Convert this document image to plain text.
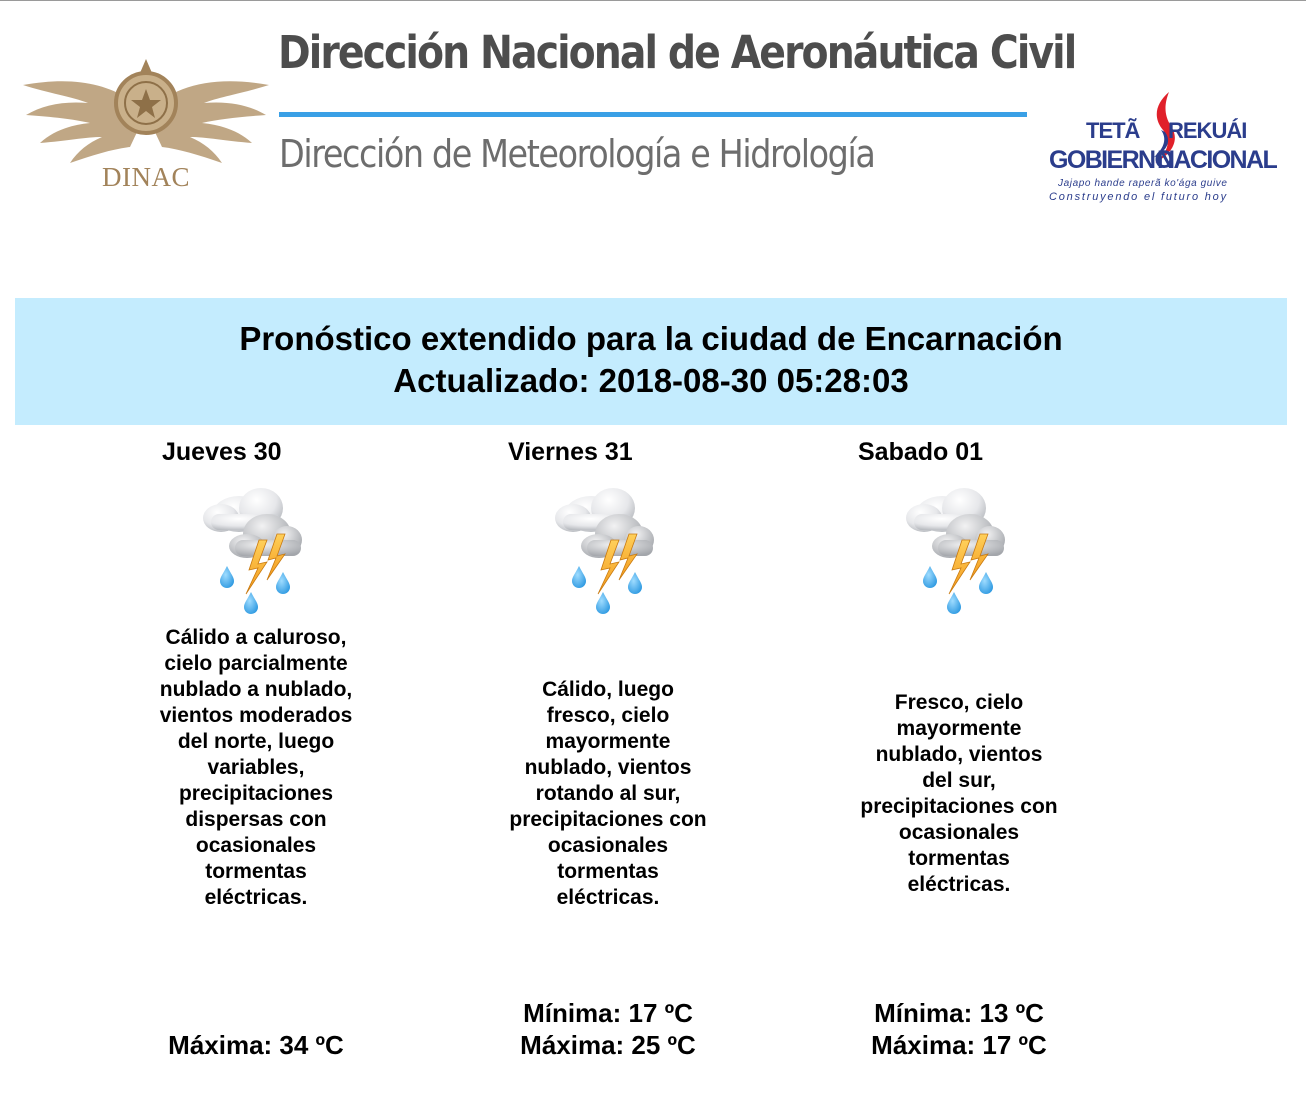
DINAC
Dirección Nacional de Aeronáutica Civil
Dirección de Meteorología e Hidrología
TETÃ REKUÁI
GOBIERNO
NACIONAL
Jajapo hande raperã ko'ága guive
Construyendo el futuro hoy
Pronóstico extendido para la ciudad de Encarnación
Actualizado: 2018-08-30 05:28:03
Jueves 30
Cálido a caluroso, cielo parcialmente nublado a nublado, vientos moderados del norte, luego variables, precipitaciones dispersas con ocasionales tormentas eléctricas.
Máxima: 34 ºC
Viernes 31
Cálido, luego fresco, cielo mayormente nublado, vientos rotando al sur, precipitaciones con ocasionales tormentas eléctricas.
Mínima: 17 ºC
Máxima: 25 ºC
Sabado 01
Fresco, cielo mayormente nublado, vientos del sur, precipitaciones con ocasionales tormentas eléctricas.
Mínima: 13 ºC
Máxima: 17 ºC
